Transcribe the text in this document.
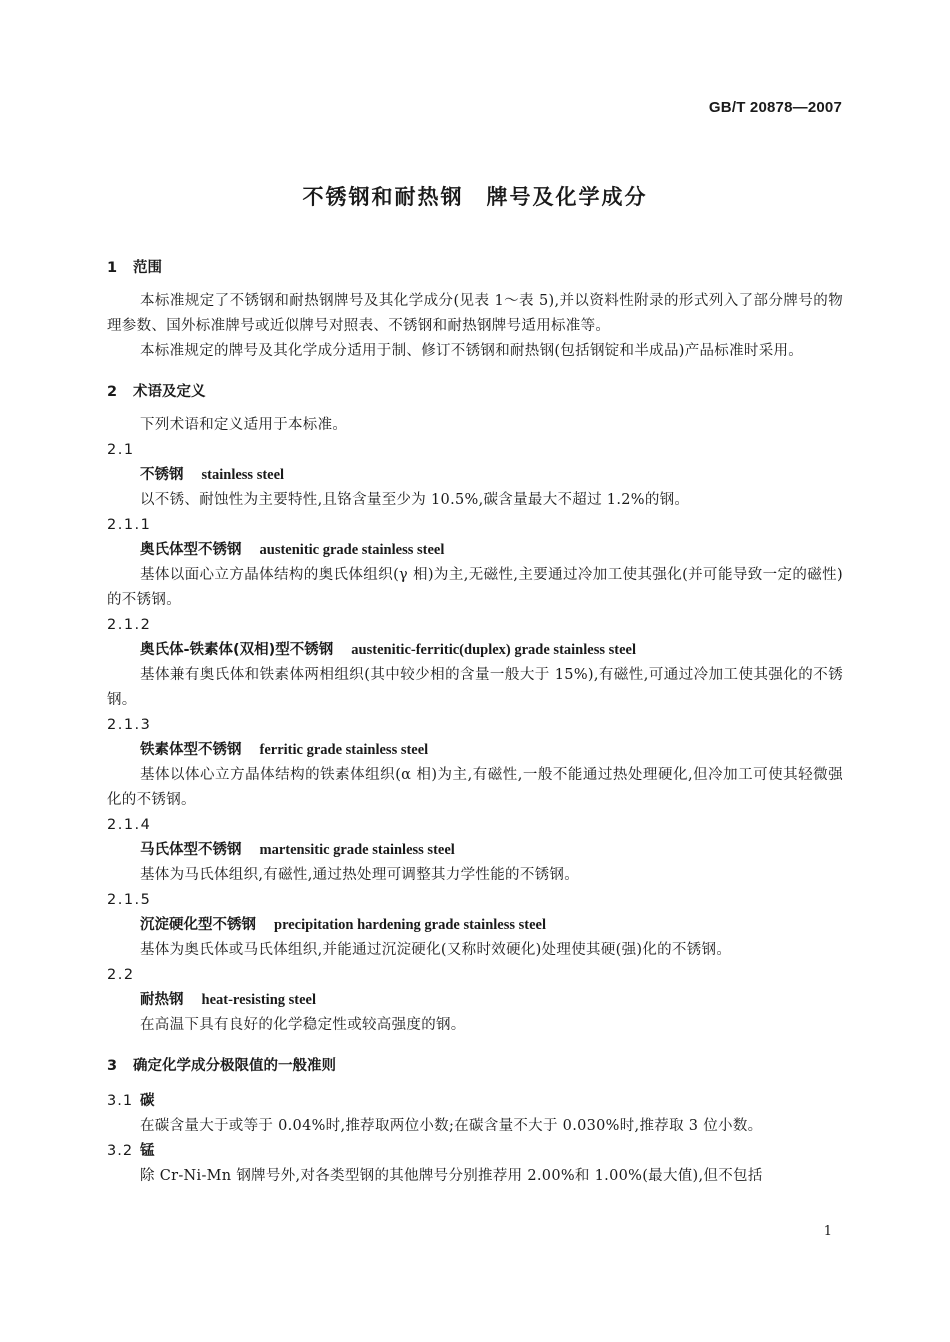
GB/T 20878—2007
不锈钢和耐热钢　牌号及化学成分
1	范围
本标准规定了不锈钢和耐热钢牌号及其化学成分(见表 1～表 5),并以资料性附录的形式列入了部分牌号的物理参数、国外标准牌号或近似牌号对照表、不锈钢和耐热钢牌号适用标准等。
本标准规定的牌号及其化学成分适用于制、修订不锈钢和耐热钢(包括钢锭和半成品)产品标准时采用。
2	术语及定义
下列术语和定义适用于本标准。
2.1
不锈钢 stainless steel
以不锈、耐蚀性为主要特性,且铬含量至少为 10.5%,碳含量最大不超过 1.2%的钢。
2.1.1
奥氏体型不锈钢 austenitic grade stainless steel
基体以面心立方晶体结构的奥氏体组织(γ 相)为主,无磁性,主要通过冷加工使其强化(并可能导致一定的磁性)的不锈钢。
2.1.2
奥氏体-铁素体(双相)型不锈钢 austenitic-ferritic(duplex) grade stainless steel
基体兼有奥氏体和铁素体两相组织(其中较少相的含量一般大于 15%),有磁性,可通过冷加工使其强化的不锈钢。
2.1.3
铁素体型不锈钢 ferritic grade stainless steel
基体以体心立方晶体结构的铁素体组织(α 相)为主,有磁性,一般不能通过热处理硬化,但冷加工可使其轻微强化的不锈钢。
2.1.4
马氏体型不锈钢 martensitic grade stainless steel
基体为马氏体组织,有磁性,通过热处理可调整其力学性能的不锈钢。
2.1.5
沉淀硬化型不锈钢 precipitation hardening grade stainless steel
基体为奥氏体或马氏体组织,并能通过沉淀硬化(又称时效硬化)处理使其硬(强)化的不锈钢。
2.2
耐热钢 heat-resisting steel
在高温下具有良好的化学稳定性或较高强度的钢。
3	确定化学成分极限值的一般准则
3.1 碳
在碳含量大于或等于 0.04%时,推荐取两位小数;在碳含量不大于 0.030%时,推荐取 3 位小数。
3.2 锰
除 Cr-Ni-Mn 钢牌号外,对各类型钢的其他牌号分别推荐用 2.00%和 1.00%(最大值),但不包括
1
